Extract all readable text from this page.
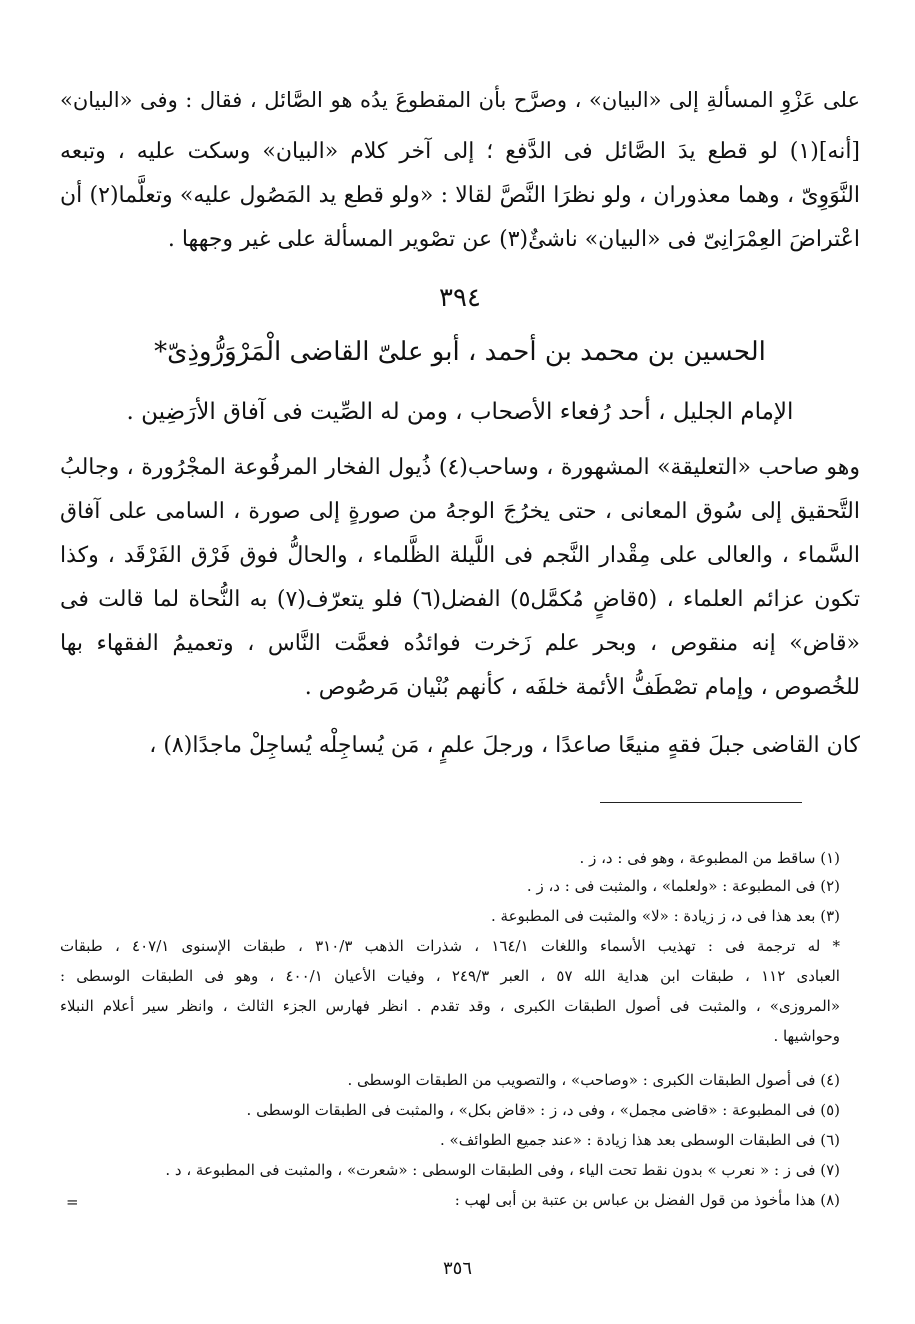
على عَزْوِ المسألةِ إلى «البيان» ، وصرَّح بأن المقطوعَ يدُه هو الصَّائل ، فقال : وفى «البيان»
[أنه](١) لو قطع يدَ الصَّائل فى الدَّفع ؛ إلى آخر كلام «البيان» وسكت عليه ، وتبعه
النَّوَوِىّ ، وهما معذوران ، ولو نظرَا النَّصَّ لقالا : «ولو قطع يد المَصُول عليه» وتعلَّما(٢) أن
اعْتراضَ العِمْرَانِىّ فى «البيان» ناشئٌ(٣) عن تصْوير المسألة على غير وجهها .
٣٩٤
الحسين بن محمد بن أحمد ، أبو علىّ القاضى الْمَرْوَرُّوذِىّ*
الإمام الجليل ، أحد رُفعاء الأصحاب ، ومن له الصِّيت فى آفاق الأرَضِين .
وهو صاحب «التعليقة» المشهورة ، وساحب(٤) ذُيول الفخار المرفُوعة المجْرُورة ، وجالبُ
التَّحقيق إلى سُوق المعانى ، حتى يخرُجَ الوجهُ من صورةٍ إلى صورة ، السامى على آفاق
السَّماء ، والعالى على مِقْدار النَّجم فى اللَّيلة الظَّلماء ، والحالُّ فوق فَرْق الفَرْقَد ، وكذا
تكون عزائم العلماء ، (٥قاضٍ مُكمَّل٥) الفضل(٦) فلو يتعرّف(٧) به النُّحاة لما قالت فى
«قاض» إنه منقوص ، وبحر علم زَخرت فوائدُه فعمَّت النَّاس ، وتعميمُ الفقهاء بها
للخُصوص ، وإمام تصْطَفُّ الأئمة خلفَه ، كأنهم بُنْيان مَرصُوص .
كان القاضى جبلَ فقهٍ منيعًا صاعدًا ، ورجلَ علمٍ ، مَن يُساجِلْه يُساجِلْ ماجدًا(٨) ،
(١) ساقط من المطبوعة ، وهو فى : د، ز .
(٢) فى المطبوعة : «ولعلما» ، والمثبت فى : د، ز .
(٣) بعد هذا فى د، ز زيادة : «لا» والمثبت فى المطبوعة .
* له ترجمة فى : تهذيب الأسماء واللغات ١٦٤/١ ، شذرات الذهب ٣١٠/٣ ، طبقات الإسنوى ٤٠٧/١ ، طبقات
العبادى ١١٢ ، طبقات ابن هداية الله ٥٧ ، العبر ٢٤٩/٣ ، وفيات الأعيان ٤٠٠/١ ، وهو فى الطبقات الوسطى :
«المروزى» ، والمثبت فى أصول الطبقات الكبرى ، وقد تقدم . انظر فهارس الجزء الثالث ، وانظر سير أعلام النبلاء
وحواشيها .
(٤) فى أصول الطبقات الكبرى : «وصاحب» ، والتصويب من الطبقات الوسطى .
(٥) فى المطبوعة : «قاضى مجمل» ، وفى د، ز : «قاض بكل» ، والمثبت فى الطبقات الوسطى .
(٦) فى الطبقات الوسطى بعد هذا زيادة : «عند جميع الطوائف» .
(٧) فى ز : « نعرب » بدون نقط تحت الياء ، وفى الطبقات الوسطى : «شعرت» ، والمثبت فى المطبوعة ، د .
(٨) هذا مأخوذ من قول الفضل بن عباس بن عتبة بن أبى لهب :
=
٣٥٦
